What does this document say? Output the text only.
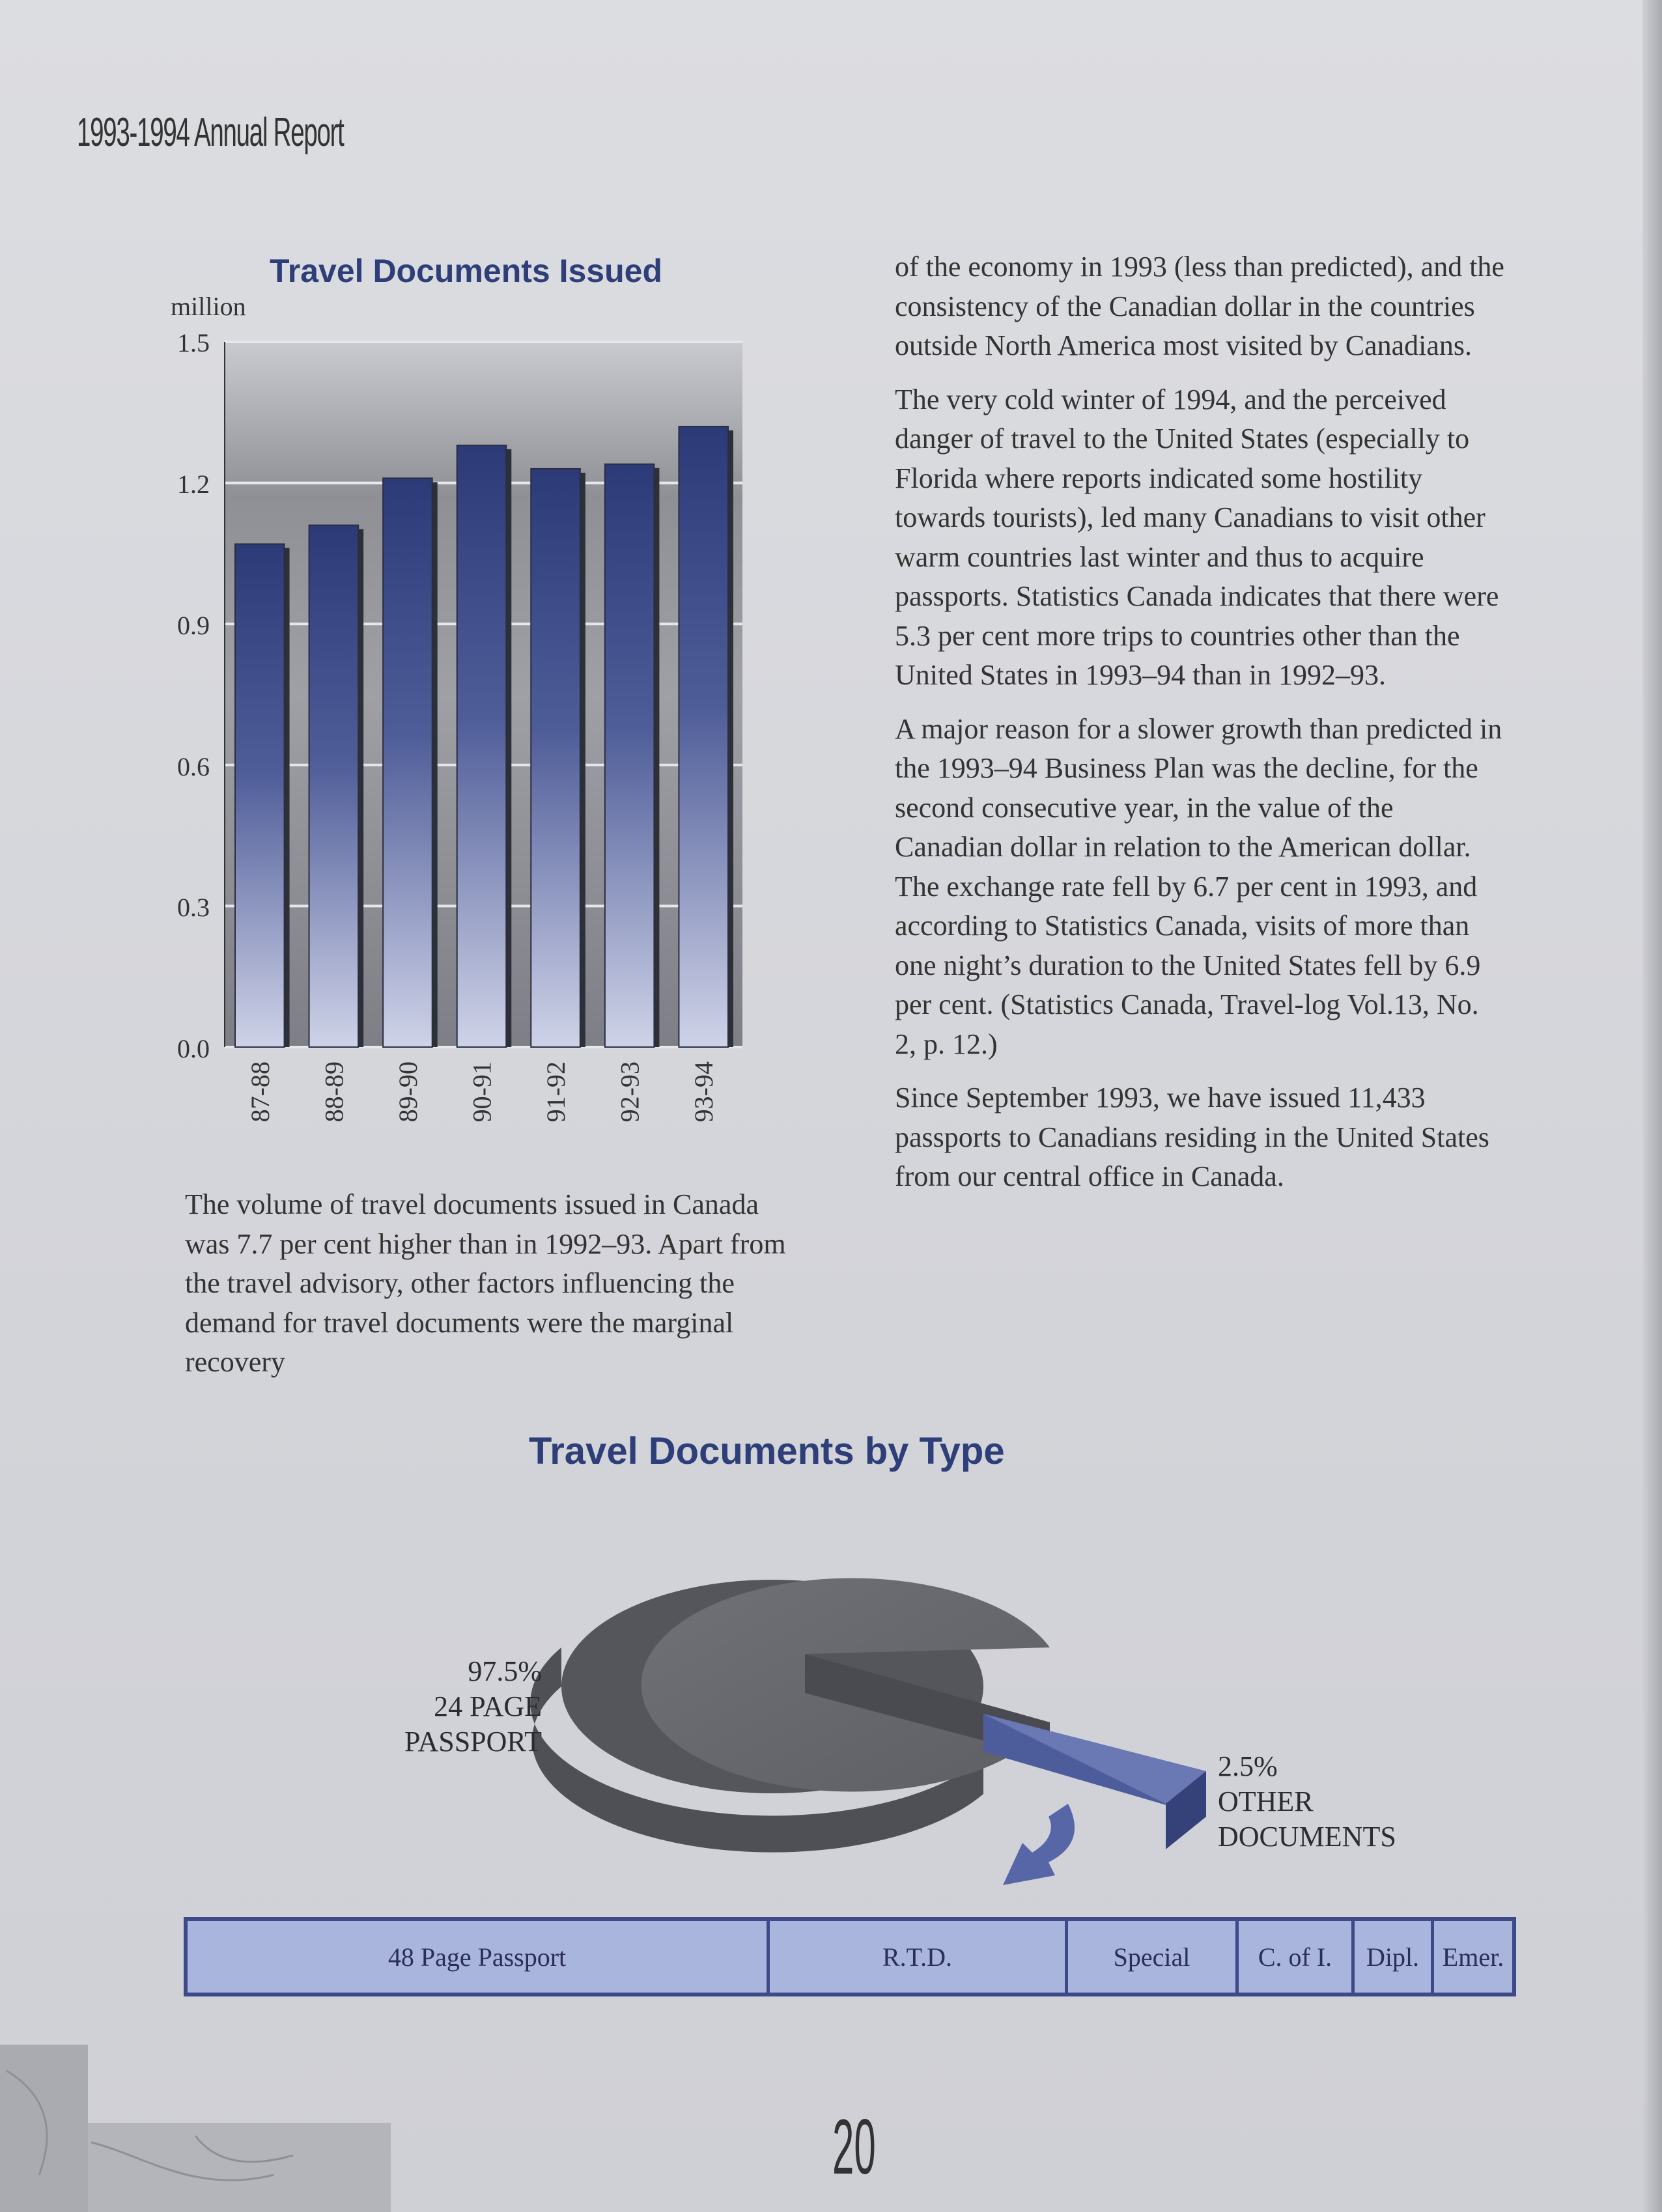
1993-1994 Annual Report
Travel Documents Issued
million
1.5
1.2
0.9
0.6
0.3
0.0
87-88 88-89 89-90 90-91 91-92 92-93 93-94
The volume of travel documents issued in Canada was 7.7 per cent higher than in 1992–93. Apart from the travel advisory, other factors influencing the demand for travel documents were the marginal recovery

of the economy in 1993 (less than predicted), and the consistency of the Canadian dollar in the countries outside North America most visited by Canadians.

The very cold winter of 1994, and the perceived danger of travel to the United States (especially to Florida where reports indicated some hostility towards tourists), led many Canadians to visit other warm countries last winter and thus to acquire passports. Statistics Canada indicates that there were 5.3 per cent more trips to countries other than the United States in 1993–94 than in 1992–93.

A major reason for a slower growth than predicted in the 1993–94 Business Plan was the decline, for the second consecutive year, in the value of the Canadian dollar in relation to the American dollar. The exchange rate fell by 6.7 per cent in 1993, and according to Statistics Canada, visits of more than one night’s duration to the United States fell by 6.9 per cent. (Statistics Canada, Travel-log Vol.13, No. 2, p. 12.)

Since September 1993, we have issued 11,433 passports to Canadians residing in the United States from our central office in Canada.

Travel Documents by Type
97.5%
24 PAGE
PASSPORT
2.5%
OTHER
DOCUMENTS
48 Page Passport	R.T.D.	Special	C. of I.	Dipl. Emer.
20
